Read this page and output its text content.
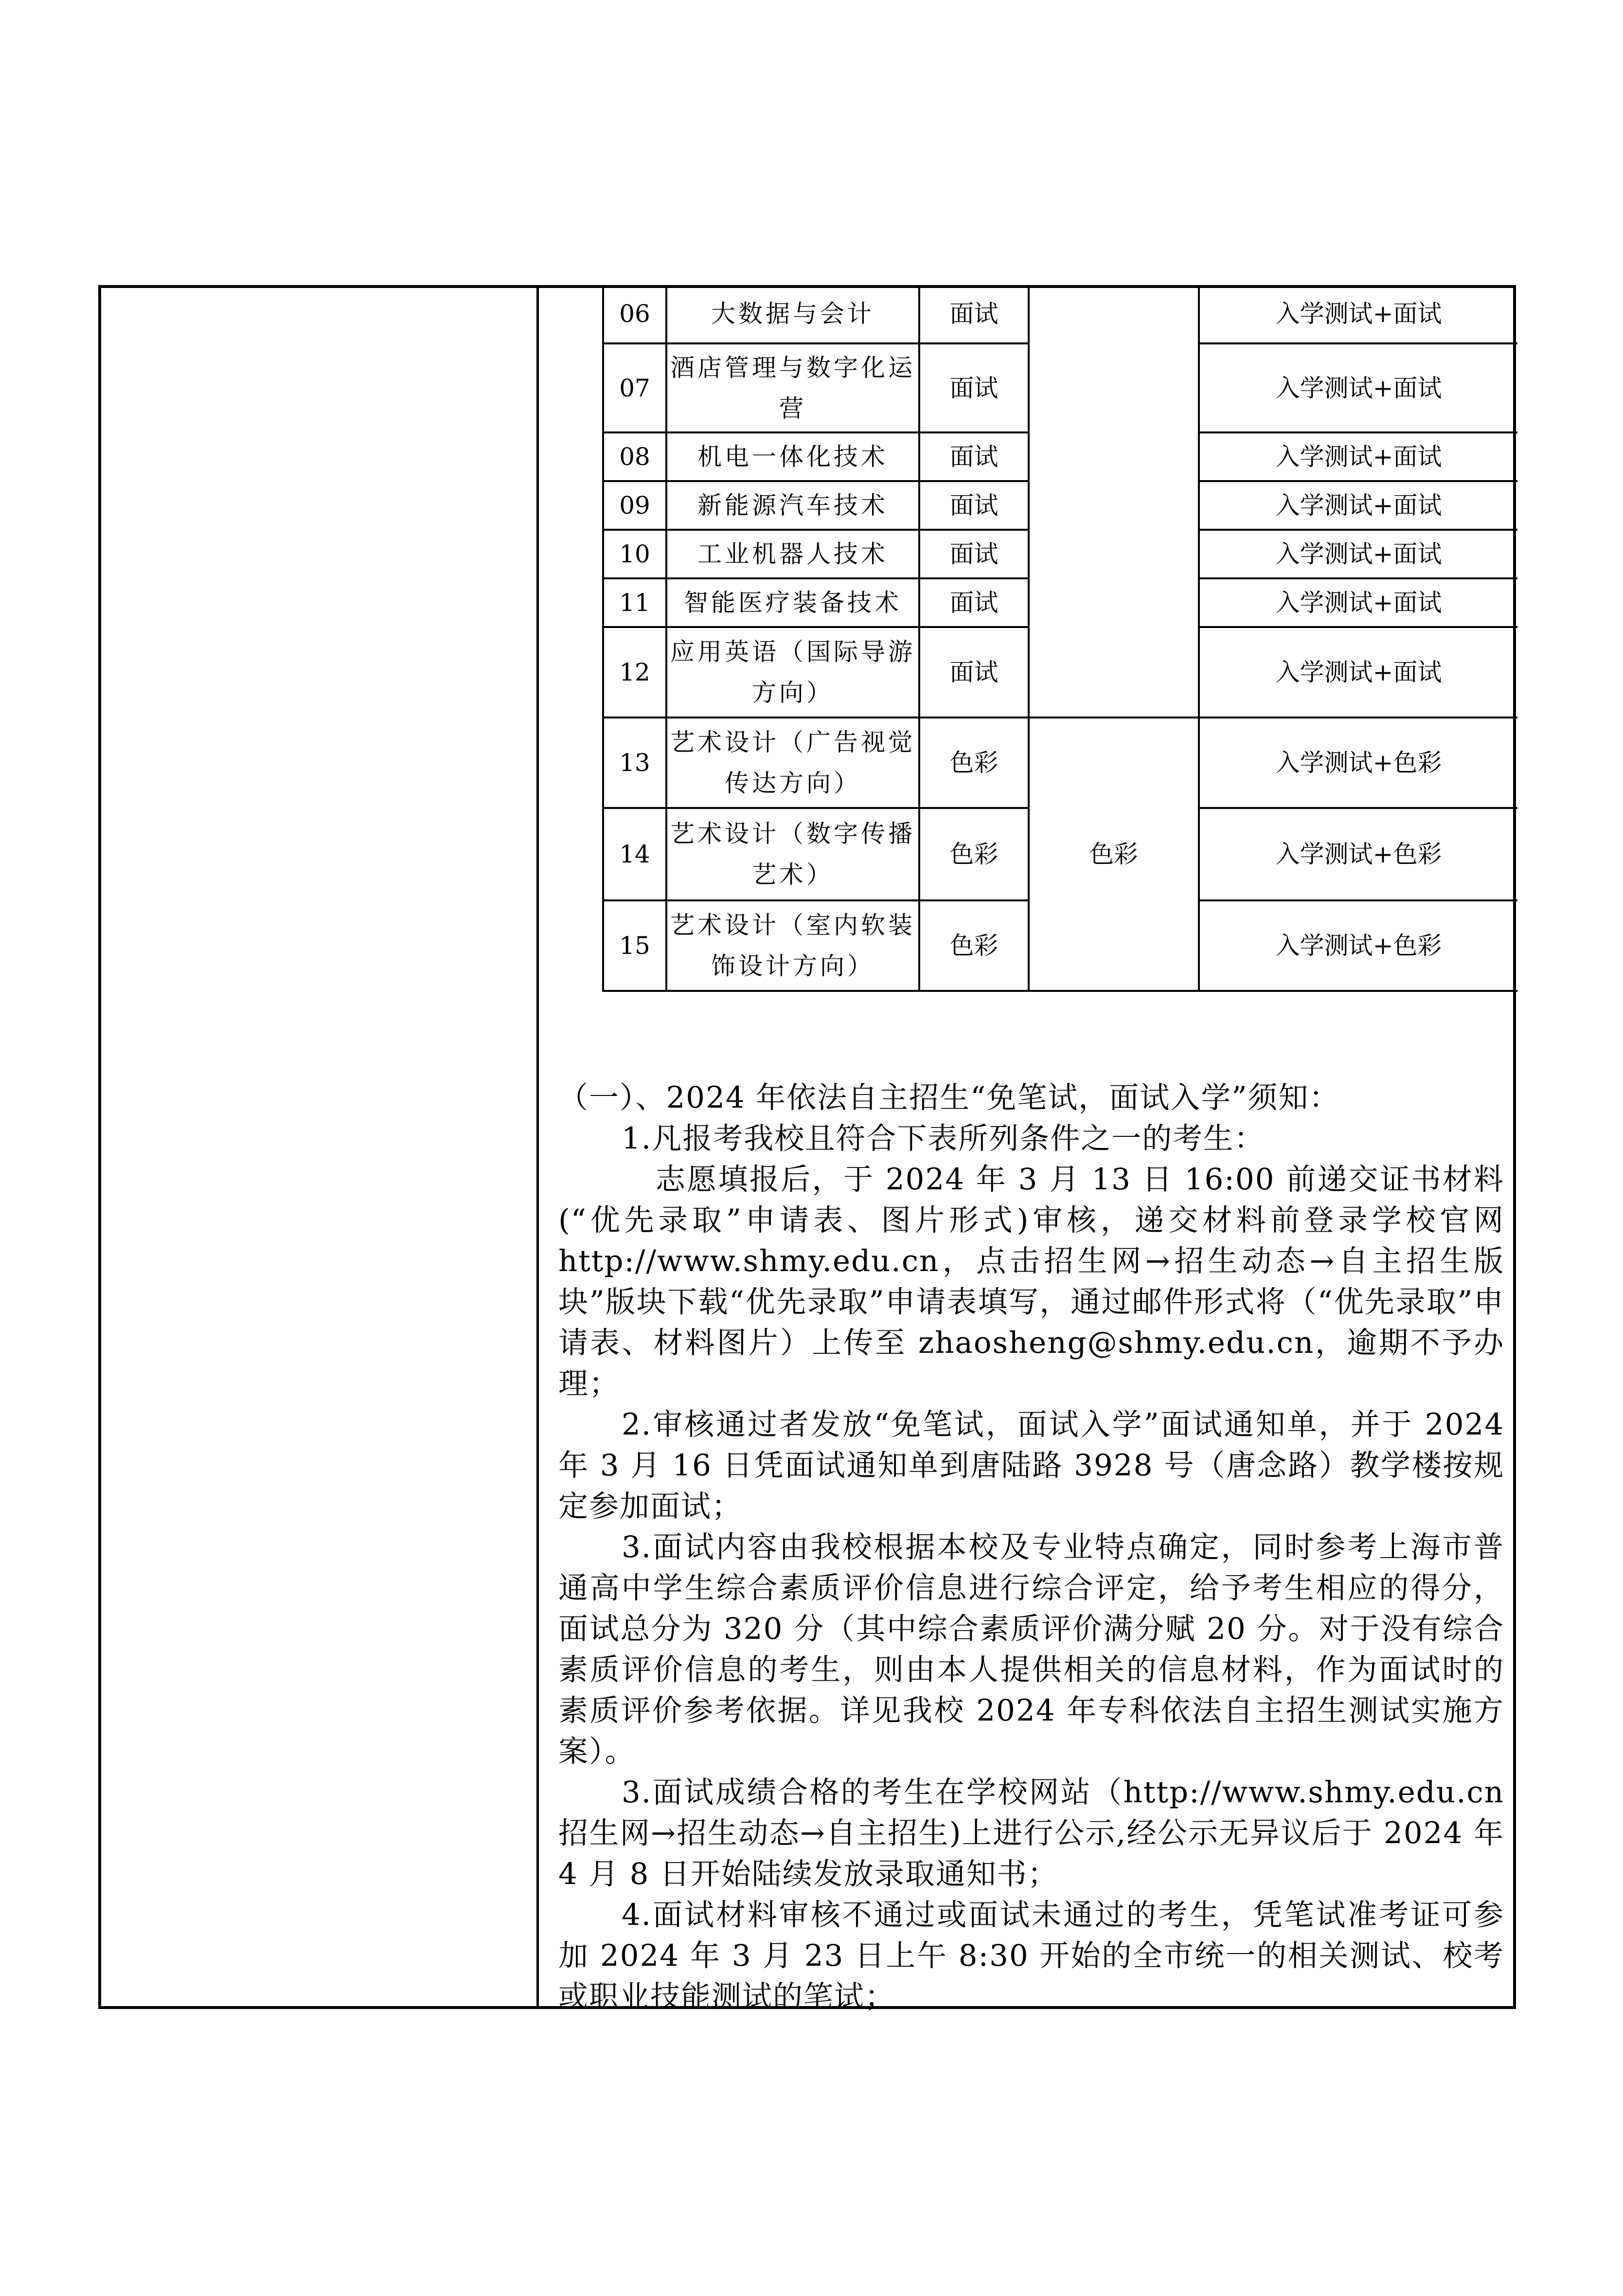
06	大数据与会计	面试		入学测试+面试
07	酒店管理与数字化运营	面试		入学测试+面试
08	机电一体化技术	面试		入学测试+面试
09	新能源汽车技术	面试		入学测试+面试
10	工业机器人技术	面试		入学测试+面试
11	智能医疗装备技术	面试		入学测试+面试
12	应用英语（国际导游方向）	面试		入学测试+面试
13	艺术设计（广告视觉传达方向）	色彩	色彩	入学测试+色彩
14	艺术设计（数字传播艺术）	色彩		入学测试+色彩
15	艺术设计（室内软装饰设计方向）	色彩		入学测试+色彩

（一）、2024 年依法自主招生“免笔试，面试入学”须知：

1.凡报考我校且符合下表所列条件之一的考生：

志愿填报后，于 2024 年 3 月 13 日 16:00 前递交证书材料(“优先录取”申请表、图片形式)审核，递交材料前登录学校官网 http://www.shmy.edu.cn，点击招生网→招生动态→自主招生版块”版块下载“优先录取”申请表填写，通过邮件形式将（“优先录取”申请表、材料图片）上传至 zhaosheng@shmy.edu.cn，逾期不予办理；

2.审核通过者发放“免笔试，面试入学”面试通知单，并于 2024 年 3 月 16 日凭面试通知单到唐陆路 3928 号（唐念路）教学楼按规定参加面试；

3.面试内容由我校根据本校及专业特点确定，同时参考上海市普通高中学生综合素质评价信息进行综合评定，给予考生相应的得分，面试总分为 320 分（其中综合素质评价满分赋 20 分。对于没有综合素质评价信息的考生，则由本人提供相关的信息材料，作为面试时的素质评价参考依据。详见我校 2024 年专科依法自主招生测试实施方案）。

3.面试成绩合格的考生在学校网站（http://www.shmy.edu.cn 招生网→招生动态→自主招生)上进行公示,经公示无异议后于 2024 年 4 月 8 日开始陆续发放录取通知书；

4.面试材料审核不通过或面试未通过的考生，凭笔试准考证可参加 2024 年 3 月 23 日上午 8:30 开始的全市统一的相关测试、校考或职业技能测试的笔试；
